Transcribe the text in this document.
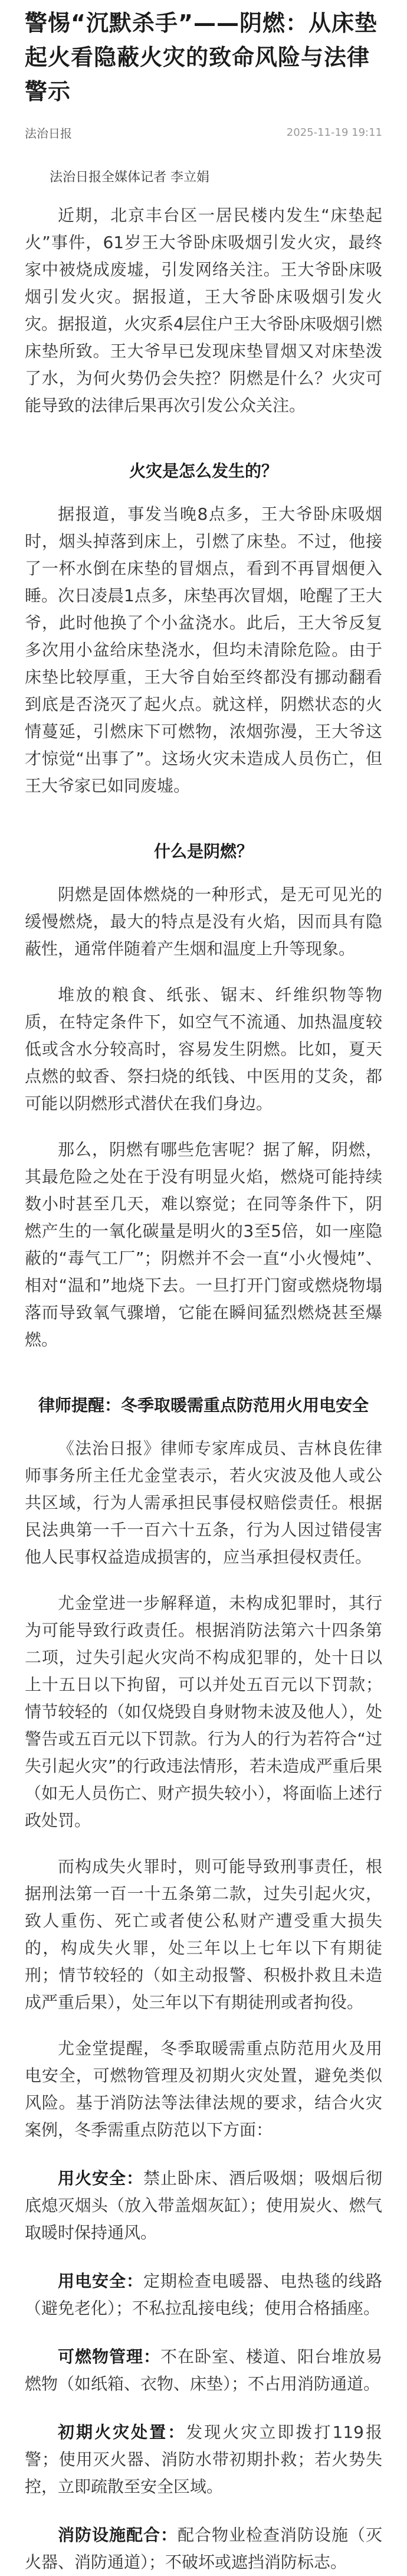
警惕“沉默杀手”——阴燃：从床垫起火看隐蔽火灾的致命风险与法律警示
法治日报	2025-11-19 19:11
法治日报全媒体记者 李立娟

近期，北京丰台区一居民楼内发生“床垫起火”事件，61岁王大爷卧床吸烟引发火灾，最终家中被烧成废墟，引发网络关注。王大爷卧床吸烟引发火灾。据报道，王大爷卧床吸烟引发火灾。据报道，火灾系4层住户王大爷卧床吸烟引燃床垫所致。王大爷早已发现床垫冒烟又对床垫泼了水，为何火势仍会失控？阴燃是什么？火灾可能导致的法律后果再次引发公众关注。

火灾是怎么发生的？

据报道，事发当晚8点多，王大爷卧床吸烟时，烟头掉落到床上，引燃了床垫。不过，他接了一杯水倒在床垫的冒烟点，看到不再冒烟便入睡。次日凌晨1点多，床垫再次冒烟，呛醒了王大爷，此时他换了个小盆浇水。此后，王大爷反复多次用小盆给床垫浇水，但均未清除危险。由于床垫比较厚重，王大爷自始至终都没有挪动翻看到底是否浇灭了起火点。就这样，阴燃状态的火情蔓延，引燃床下可燃物，浓烟弥漫，王大爷这才惊觉“出事了”。这场火灾未造成人员伤亡，但王大爷家已如同废墟。

什么是阴燃？

阴燃是固体燃烧的一种形式，是无可见光的缓慢燃烧，最大的特点是没有火焰，因而具有隐蔽性，通常伴随着产生烟和温度上升等现象。

堆放的粮食、纸张、锯末、纤维织物等物质，在特定条件下，如空气不流通、加热温度较低或含水分较高时，容易发生阴燃。比如，夏天点燃的蚊香、祭扫烧的纸钱、中医用的艾灸，都可能以阴燃形式潜伏在我们身边。

那么，阴燃有哪些危害呢？据了解，阴燃，其最危险之处在于没有明显火焰，燃烧可能持续数小时甚至几天，难以察觉；在同等条件下，阴燃产生的一氧化碳量是明火的3至5倍，如一座隐蔽的“毒气工厂”；阴燃并不会一直“小火慢炖”、相对“温和”地烧下去。一旦打开门窗或燃烧物塌落而导致氧气骤增，它能在瞬间猛烈燃烧甚至爆燃。

律师提醒：冬季取暖需重点防范用火用电安全

《法治日报》律师专家库成员、吉林良佐律师事务所主任尤金堂表示，若火灾波及他人或公共区域，行为人需承担民事侵权赔偿责任。根据民法典第一千一百六十五条，行为人因过错侵害他人民事权益造成损害的，应当承担侵权责任。

尤金堂进一步解释道，未构成犯罪时，其行为可能导致行政责任。根据消防法第六十四条第二项，过失引起火灾尚不构成犯罪的，处十日以上十五日以下拘留，可以并处五百元以下罚款；情节较轻的（如仅烧毁自身财物未波及他人），处警告或五百元以下罚款。行为人的行为若符合“过失引起火灾”的行政违法情形，若未造成严重后果（如无人员伤亡、财产损失较小），将面临上述行政处罚。

而构成失火罪时，则可能导致刑事责任，根据刑法第一百一十五条第二款，过失引起火灾，致人重伤、死亡或者使公私财产遭受重大损失的，构成失火罪，处三年以上七年以下有期徒刑；情节较轻的（如主动报警、积极扑救且未造成严重后果），处三年以下有期徒刑或者拘役。

尤金堂提醒，冬季取暖需重点防范用火及用电安全，可燃物管理及初期火灾处置，避免类似风险。基于消防法等法律法规的要求，结合火灾案例，冬季需重点防范以下方面：

用火安全：禁止卧床、酒后吸烟；吸烟后彻底熄灭烟头（放入带盖烟灰缸）；使用炭火、燃气取暖时保持通风。

用电安全：定期检查电暖器、电热毯的线路（避免老化）；不私拉乱接电线；使用合格插座。

可燃物管理：不在卧室、楼道、阳台堆放易燃物（如纸箱、衣物、床垫）；不占用消防通道。

初期火灾处置：发现火灾立即拨打119报警；使用灭火器、消防水带初期扑救；若火势失控，立即疏散至安全区域。

消防设施配合：配合物业检查消防设施（灭火器、消防通道）；不破坏或遮挡消防标志。
